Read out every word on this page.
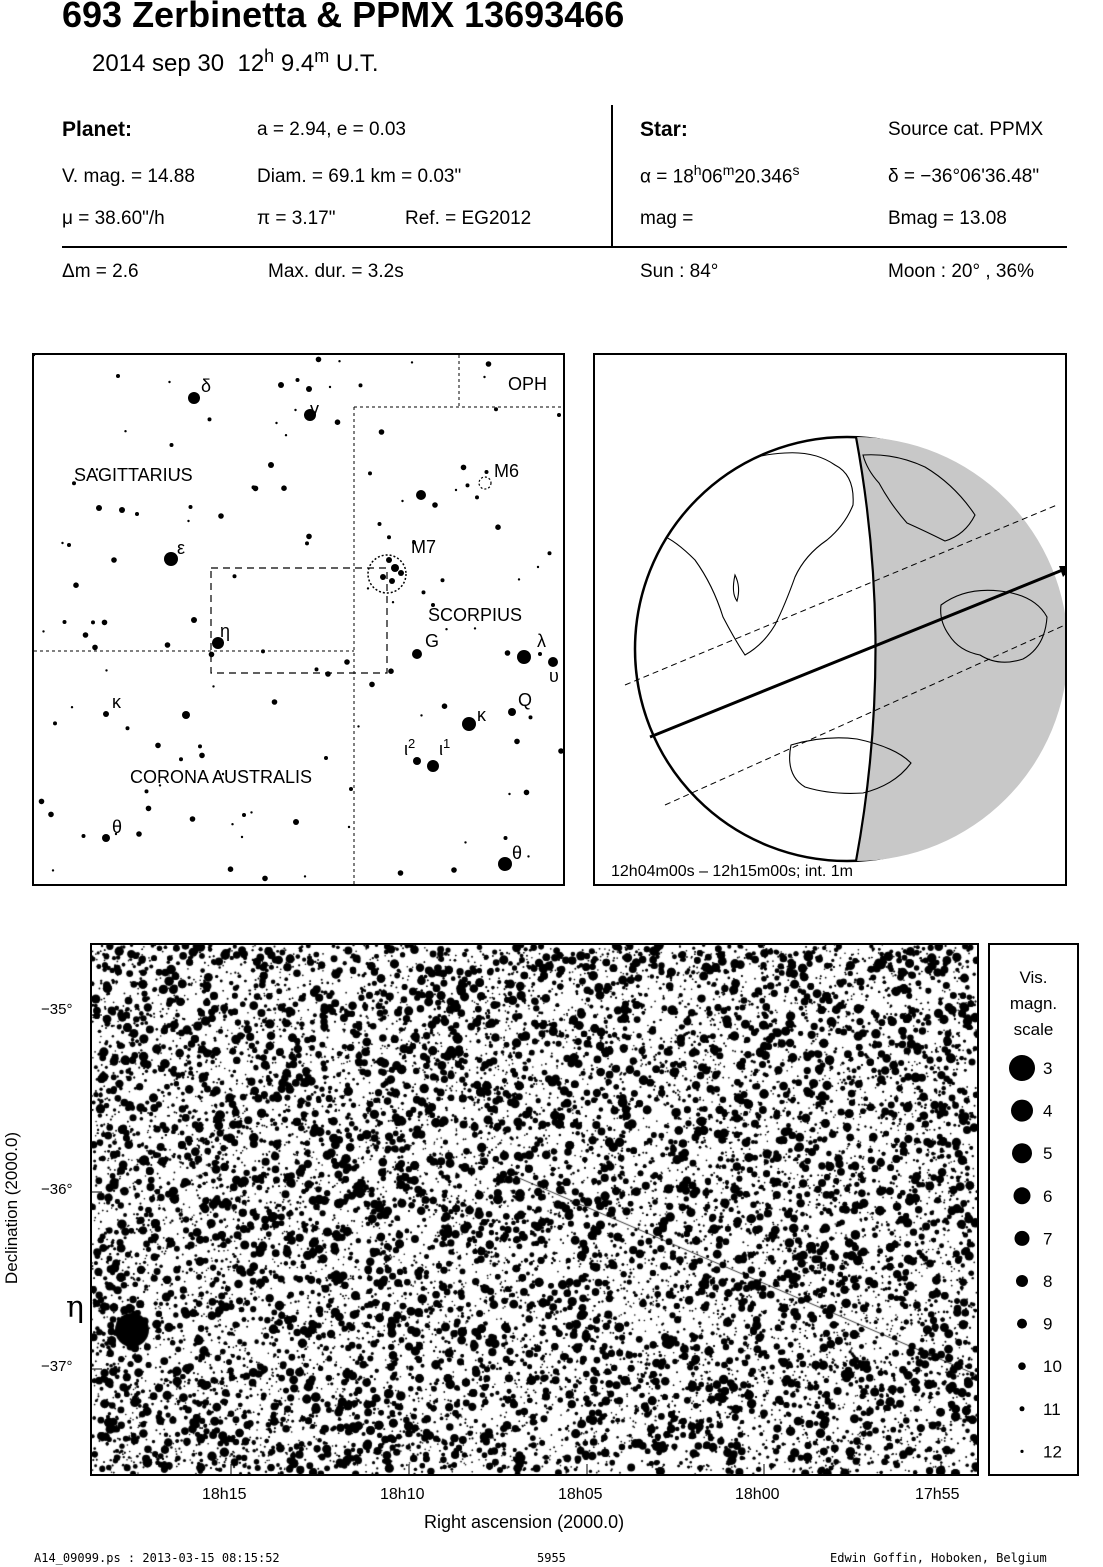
693 Zerbinetta & PPMX 13693466
2014 sep 30 12$^h$ 9.4$^m$ U.T.
Planet:	a = 2.94, e = 0.03
V. mag. = 14.88	Diam. = 69.1 km = 0.03"
μ = 38.60"/h	π = 3.17"	Ref. = EG2012
Star:	Source cat. PPMX
$\alpha = 18^h06^m20.346^s$	δ = −36°06'36.48"
mag =	Bmag = 13.08
Δm = 2.6	Max. dur. = 3.2s	Sun : 84°	Moon : 20° , 36%
SAGITTARIUS
SCORPIUS
CORONA AUSTRALIS
OPH
M6
M7
δ
γ
ε
η
κ
θ
G	λ
υ
Q
κ
$\iota^2$ $\iota^1$
θ
12h04m00s – 12h15m00s; int. 1m
−35°
−36°
−37°
Declination (2000.0)
η
18h15	18h10	18h05	18h00	17h55
Right ascension (2000.0)
Vis.
magn.
scale
3
4
5
6
7
8
9
10
11
12
A14_09099.ps : 2013-03-15 08:15:52	5955	Edwin Goffin, Hoboken, Belgium
